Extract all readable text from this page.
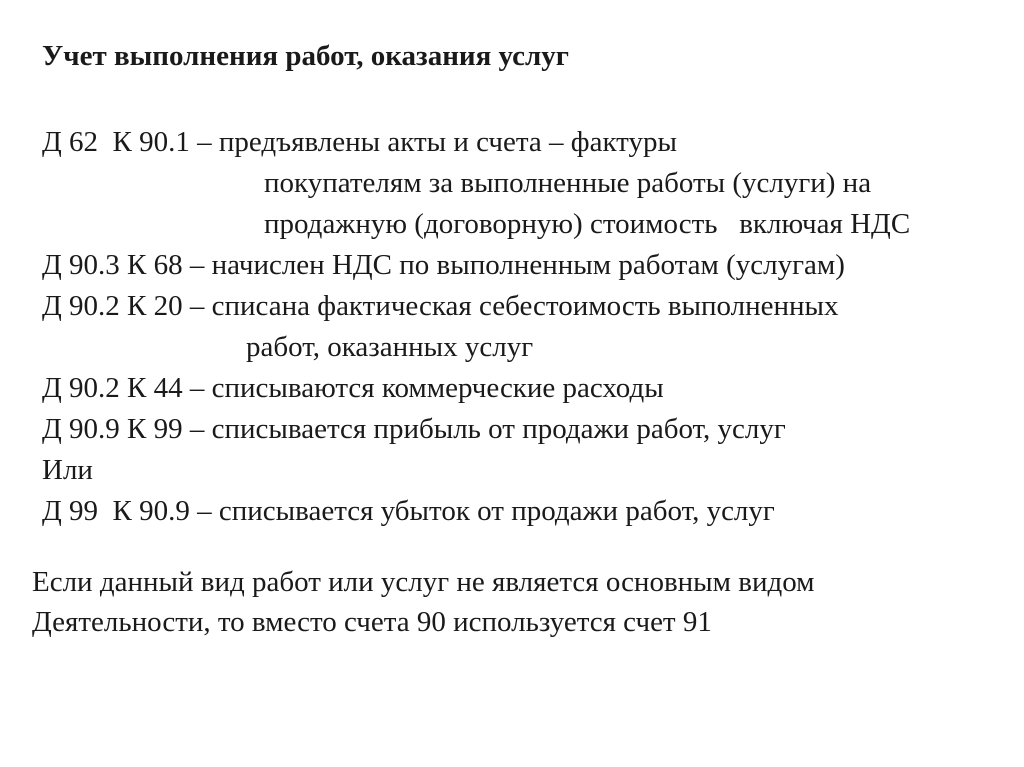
Учет выполнения работ, оказания услуг
Д 62  К 90.1 – предъявлены акты и счета – фактуры
покупателям за выполненные работы (услуги) на
продажную (договорную) стоимость   включая НДС
Д 90.3 К 68 – начислен НДС по выполненным работам (услугам)
Д 90.2 К 20 – списана фактическая себестоимость выполненных
работ, оказанных услуг
Д 90.2 К 44 – списываются коммерческие расходы
Д 90.9 К 99 – списывается прибыль от продажи работ, услуг
Или
Д 99  К 90.9 – списывается убыток от продажи работ, услуг
Если данный вид работ или услуг не является основным видом
Деятельности, то вместо счета 90 используется счет 91
